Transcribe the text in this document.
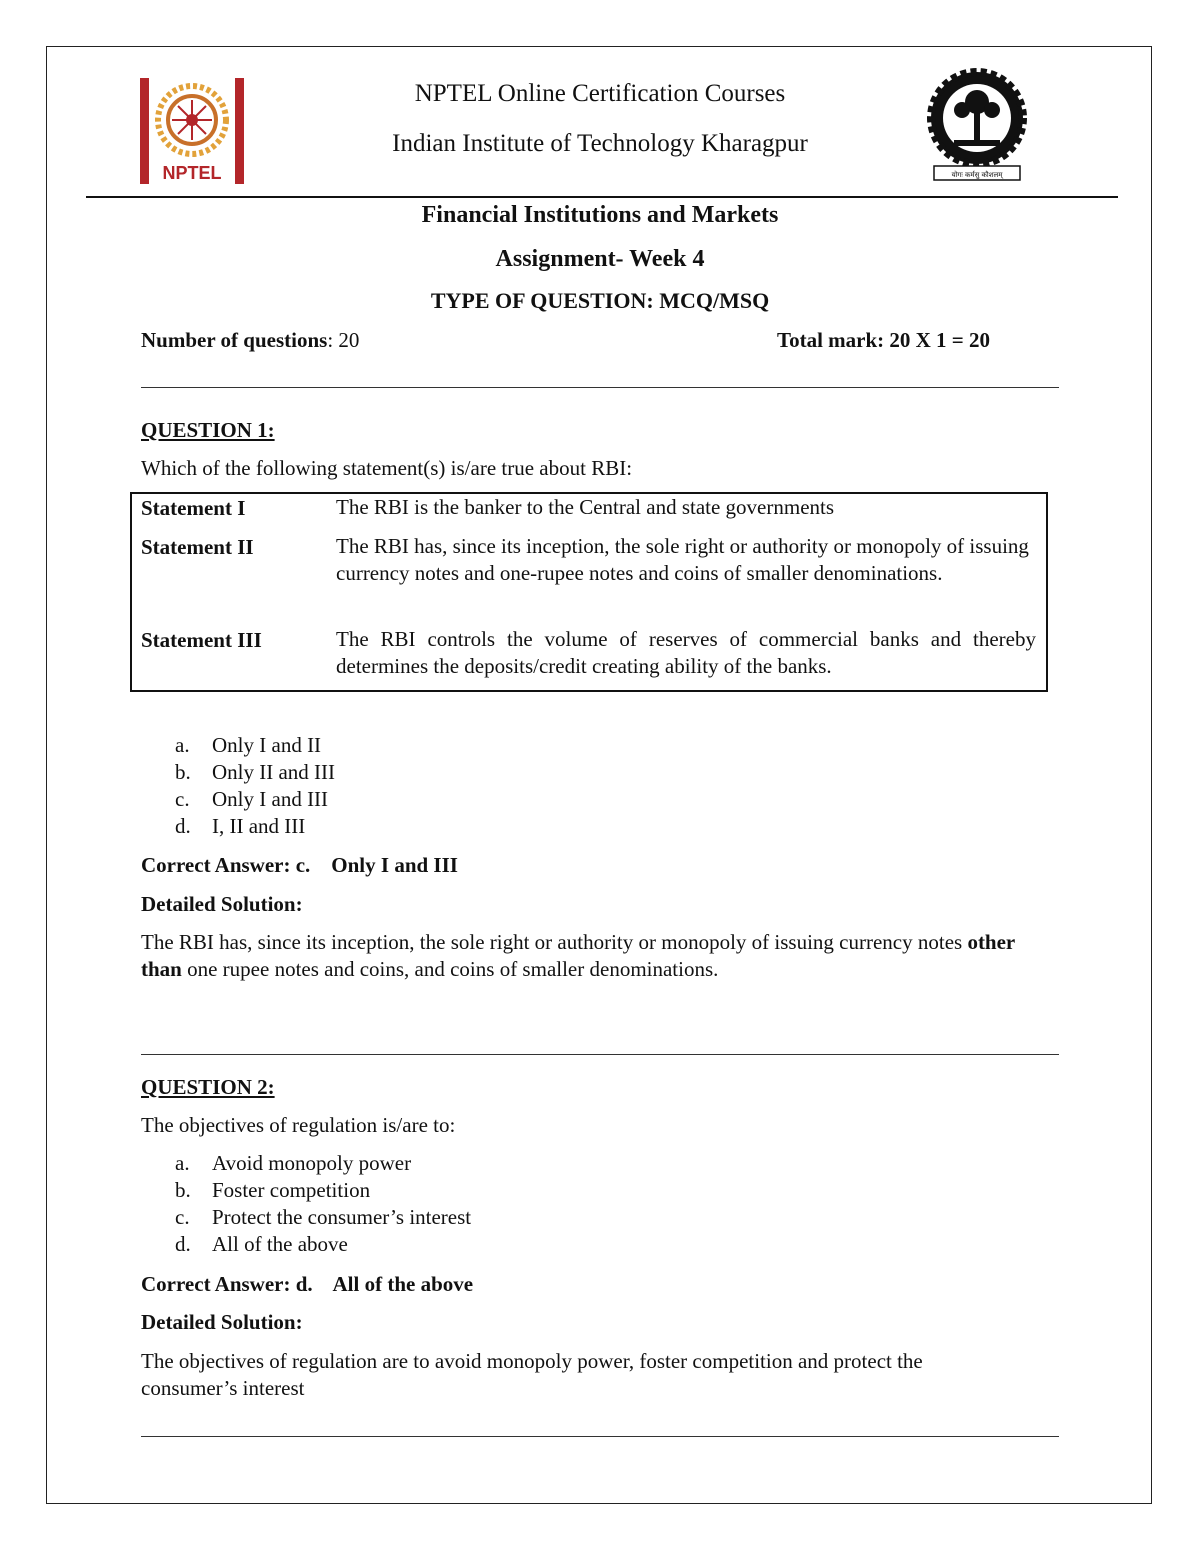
NPTEL
NPTEL Online Certification Courses
Indian Institute of Technology Kharagpur
योगः कर्मसु कौशलम्
Financial Institutions and Markets
Assignment- Week 4
TYPE OF QUESTION: MCQ/MSQ
Number of questions: 20	Total mark: 20 X 1 = 20
QUESTION 1:
Which of the following statement(s) is/are true about RBI:
Statement I	The RBI is the banker to the Central and state governments
Statement II	The RBI has, since its inception, the sole right or authority or monopoly of issuing currency notes and one-rupee notes and coins of smaller denominations.
Statement III	The RBI controls the volume of reserves of commercial banks and thereby determines the deposits/credit creating ability of the banks.
a. Only I and II
b. Only II and III
c. Only I and III
d. I, II and III
Correct Answer: c.    Only I and III
Detailed Solution:
The RBI has, since its inception, the sole right or authority or monopoly of issuing currency notes other than one rupee notes and coins, and coins of smaller denominations.
QUESTION 2:
The objectives of regulation is/are to:
a. Avoid monopoly power
b. Foster competition
c. Protect the consumer’s interest
d. All of the above
Correct Answer: d.    All of the above
Detailed Solution:
The objectives of regulation are to avoid monopoly power, foster competition and protect the consumer’s interest
